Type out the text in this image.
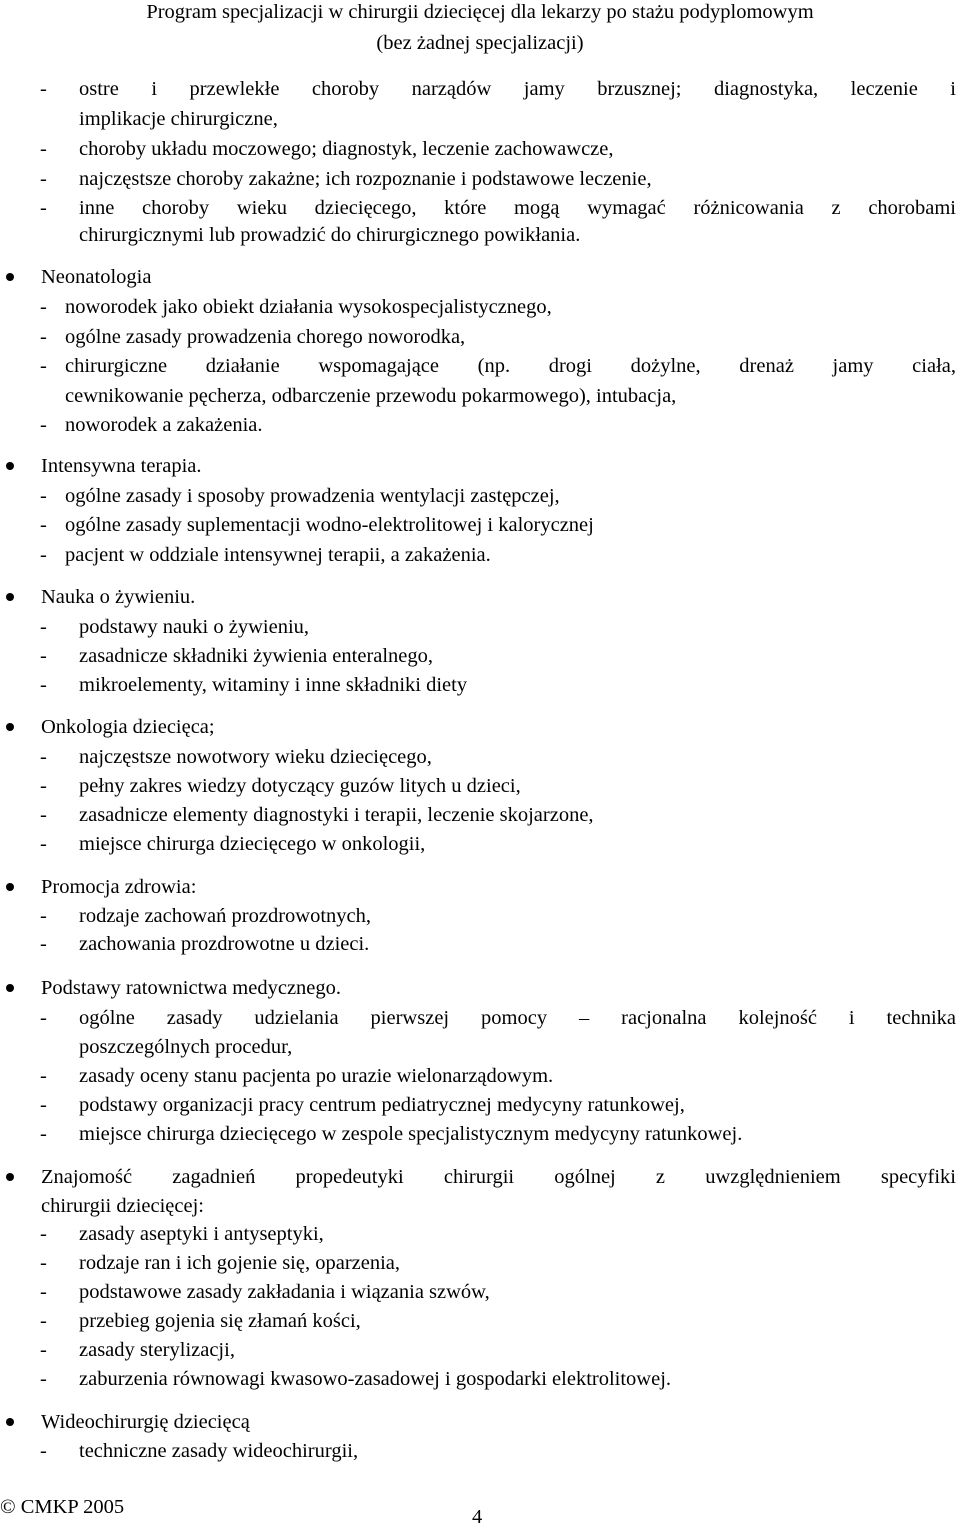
Program specjalizacji w chirurgii dziecięcej dla lekarzy po stażu podyplomowym
(bez żadnej specjalizacji)
- ostre i przewlekłe choroby narządów jamy brzusznej; diagnostyka, leczenie i
implikacje chirurgiczne,
- choroby układu moczowego; diagnostyk, leczenie zachowawcze,
- najczęstsze choroby zakażne; ich rozpoznanie i podstawowe leczenie,
- inne choroby wieku dziecięcego, które mogą wymagać różnicowania z chorobami
chirurgicznymi lub prowadzić do chirurgicznego powikłania.
Neonatologia
- noworodek jako obiekt działania wysokospecjalistycznego,
- ogólne zasady prowadzenia chorego noworodka,
- chirurgiczne działanie wspomagające (np. drogi dożylne, drenaż jamy ciała,
cewnikowanie pęcherza, odbarczenie przewodu pokarmowego), intubacja,
- noworodek a zakażenia.
Intensywna terapia.
- ogólne zasady i sposoby prowadzenia wentylacji zastępczej,
- ogólne zasady suplementacji wodno-elektrolitowej i kalorycznej
- pacjent w oddziale intensywnej terapii, a zakażenia.
Nauka o żywieniu.
- podstawy nauki o żywieniu,
- zasadnicze składniki żywienia enteralnego,
- mikroelementy, witaminy i inne składniki diety
Onkologia dziecięca;
- najczęstsze nowotwory wieku dziecięcego,
- pełny zakres wiedzy dotyczący guzów litych u dzieci,
- zasadnicze elementy diagnostyki i terapii, leczenie skojarzone,
- miejsce chirurga dziecięcego w onkologii,
Promocja zdrowia:
- rodzaje zachowań prozdrowotnych,
- zachowania prozdrowotne u dzieci.
Podstawy ratownictwa medycznego.
- ogólne zasady udzielania pierwszej pomocy – racjonalna kolejność i technika
poszczególnych procedur,
- zasady oceny stanu pacjenta po urazie wielonarządowym.
- podstawy organizacji pracy centrum pediatrycznej medycyny ratunkowej,
- miejsce chirurga dziecięcego w zespole specjalistycznym medycyny ratunkowej.
Znajomość zagadnień propedeutyki chirurgii ogólnej z uwzględnieniem specyfiki
chirurgii dziecięcej:
- zasady aseptyki i antyseptyki,
- rodzaje ran i ich gojenie się, oparzenia,
- podstawowe zasady zakładania i wiązania szwów,
- przebieg gojenia się złamań kości,
- zasady sterylizacji,
- zaburzenia równowagi kwasowo-zasadowej i gospodarki elektrolitowej.
Wideochirurgię dziecięcą
- techniczne zasady wideochirurgii,
© CMKP 2005	4
